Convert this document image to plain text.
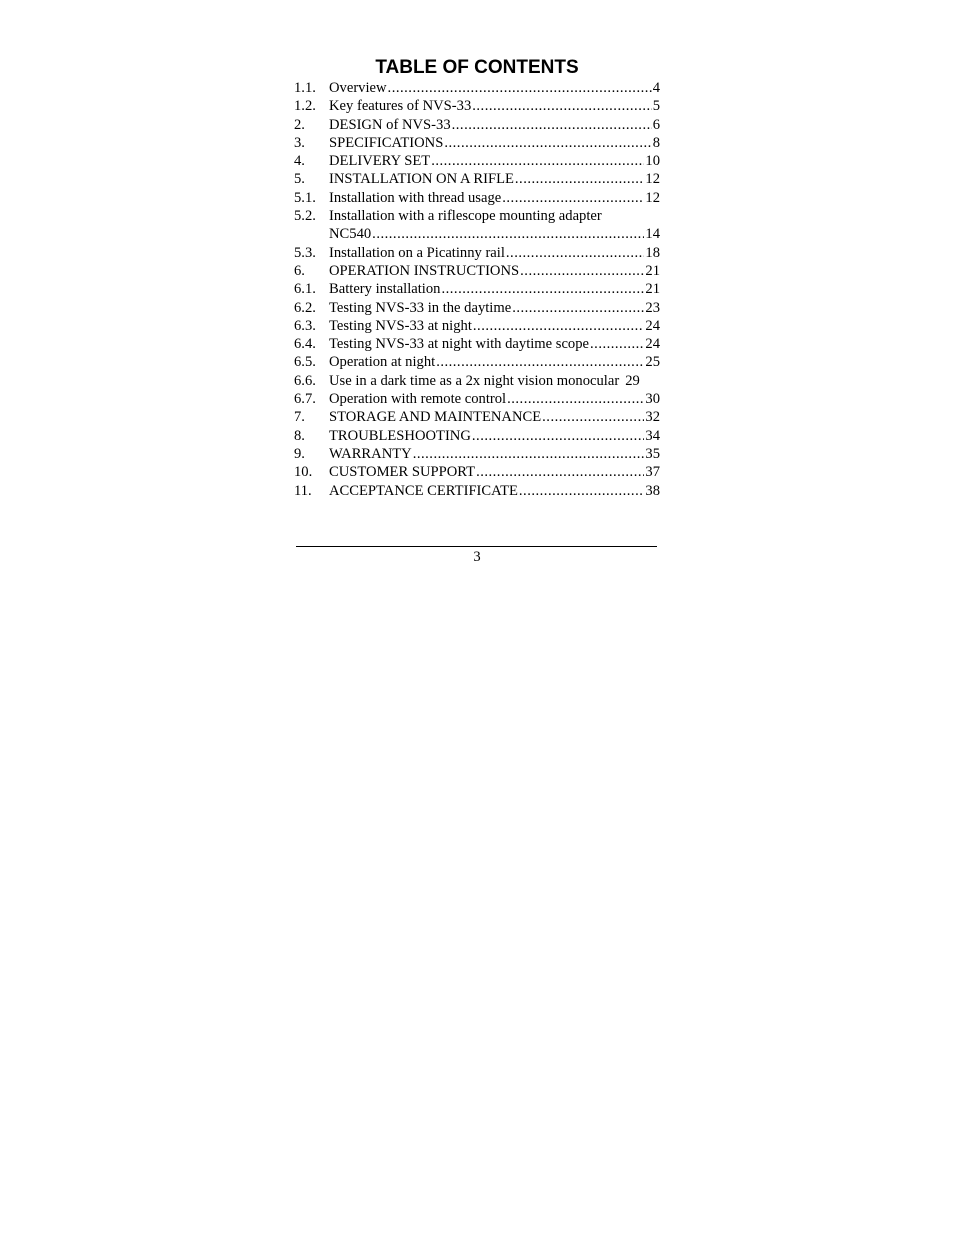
TABLE OF CONTENTS
1.1. Overview .....	4
1.2. Key features of NVS-33 .....	5
2.	DESIGN of NVS-33 .....	6
3.	SPECIFICATIONS .....	8
4.	DELIVERY SET .....	10
5.	INSTALLATION ON A RIFLE .....	12
5.1. Installation with thread usage .....	12
5.2. Installation with a riflescope mounting adapter
NC540 .....	14
5.3. Installation on a Picatinny rail .....	18
6.	OPERATION INSTRUCTIONS .....	21
6.1. Battery installation .....	21
6.2. Testing NVS-33 in the daytime .....	23
6.3. Testing NVS-33 at night .....	24
6.4. Testing NVS-33 at night with daytime scope .....	24
6.5. Operation at night .....	25
6.6. Use in a dark time as a 2x night vision monocular 29
6.7. Operation with remote control .....	30
7.	STORAGE AND MAINTENANCE .....	32
8.	TROUBLESHOOTING .....	34
9.	WARRANTY .....	35
10.	CUSTOMER SUPPORT .....	37
11.	ACCEPTANCE CERTIFICATE .....	38
3
